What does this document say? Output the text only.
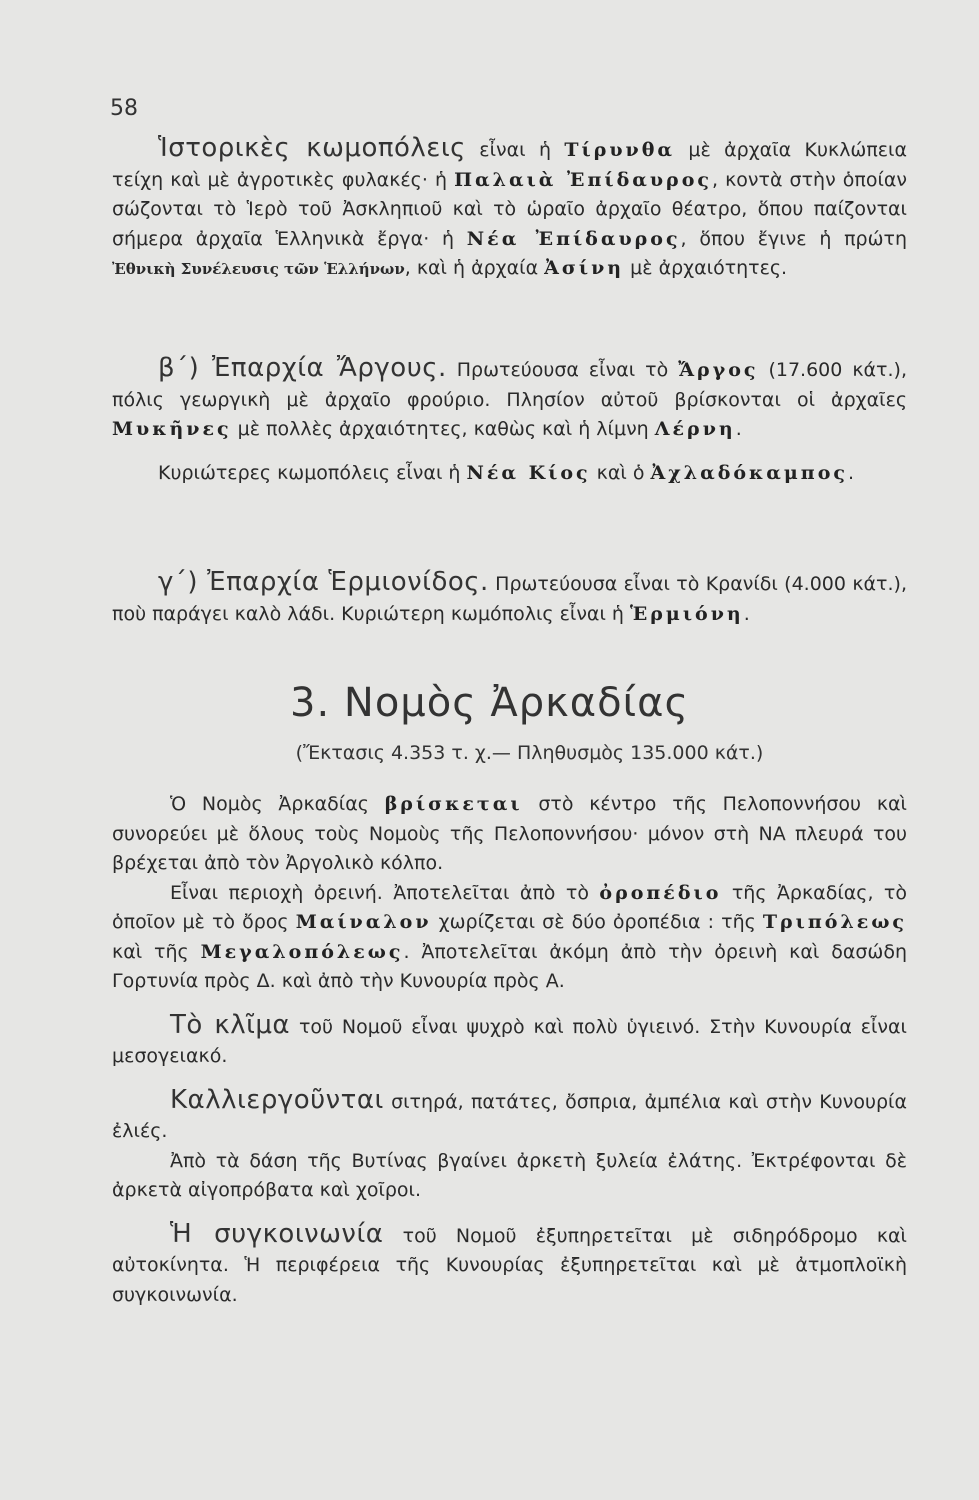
58

Ἱστορικὲς κωμοπόλεις εἶναι ἡ Τίρυνθα μὲ ἀρχαῖα Κυκλώπεια τείχη καὶ μὲ ἀγροτικὲς φυλακές· ἡ Παλαιὰ Ἐπίδαυρος, κοντὰ στὴν ὁποίαν σώζονται τὸ Ἱερὸ τοῦ Ἀσκληπιοῦ καὶ τὸ ὡραῖο ἀρχαῖο θέατρο, ὅπου παίζονται σήμερα ἀρχαῖα Ἑλληνικὰ ἔργα· ἡ Νέα Ἐπίδαυρος, ὅπου ἔγινε ἡ πρώτη Ἐθνικὴ Συνέλευσις τῶν Ἑλλήνων, καὶ ἡ ἀρχαία Ἀσίνη μὲ ἀρχαιότητες.

β΄) Ἐπαρχία Ἄργους. Πρωτεύουσα εἶναι τὸ Ἄργος (17.600 κάτ.), πόλις γεωργικὴ μὲ ἀρχαῖο φρούριο. Πλησίον αὐτοῦ βρίσκονται οἱ ἀρχαῖες Μυκῆνες μὲ πολλὲς ἀρχαιότητες, καθὼς καὶ ἡ λίμνη Λέρνη.

Κυριώτερες κωμοπόλεις εἶναι ἡ Νέα Κίος καὶ ὁ Ἀχλαδόκαμπος.

γ΄) Ἐπαρχία Ἑρμιονίδος. Πρωτεύουσα εἶναι τὸ Κρανίδι (4.000 κάτ.), ποὺ παράγει καλὸ λάδι. Κυριώτερη κωμόπολις εἶναι ἡ Ἑρμιόνη.

3. Νομὸς Ἀρκαδίας
(Ἔκτασις 4.353 τ. χ.— Πληθυσμὸς 135.000 κάτ.)

Ὁ Νομὸς Ἀρκαδίας βρίσκεται στὸ κέντρο τῆς Πελοποννήσου καὶ συνορεύει μὲ ὅλους τοὺς Νομοὺς τῆς Πελοποννήσου· μόνον στὴ ΝΑ πλευρά του βρέχεται ἀπὸ τὸν Ἀργολικὸ κόλπο.

Εἶναι περιοχὴ ὀρεινή. Ἀποτελεῖται ἀπὸ τὸ ὀροπέδιο τῆς Ἀρκαδίας, τὸ ὁποῖον μὲ τὸ ὄρος Μαίναλον χωρίζεται σὲ δύο ὀροπέδια : τῆς Τριπόλεως καὶ τῆς Μεγαλοπόλεως. Ἀποτελεῖται ἀκόμη ἀπὸ τὴν ὀρεινὴ καὶ δασώδη Γορτυνία πρὸς Δ. καὶ ἀπὸ τὴν Κυνουρία πρὸς Α.

Τὸ κλῖμα τοῦ Νομοῦ εἶναι ψυχρὸ καὶ πολὺ ὑγιεινό. Στὴν Κυνουρία εἶναι μεσογειακό.

Καλλιεργοῦνται σιτηρά, πατάτες, ὄσπρια, ἀμπέλια καὶ στὴν Κυνουρία ἐλιές.

Ἀπὸ τὰ δάση τῆς Βυτίνας βγαίνει ἀρκετὴ ξυλεία ἐλάτης. Ἐκτρέφονται δὲ ἀρκετὰ αἰγοπρόβατα καὶ χοῖροι.

Ἡ συγκοινωνία τοῦ Νομοῦ ἐξυπηρετεῖται μὲ σιδηρόδρομο καὶ αὐτοκίνητα. Ἡ περιφέρεια τῆς Κυνουρίας ἐξυπηρετεῖται καὶ μὲ ἀτμοπλοϊκὴ συγκοινωνία.
